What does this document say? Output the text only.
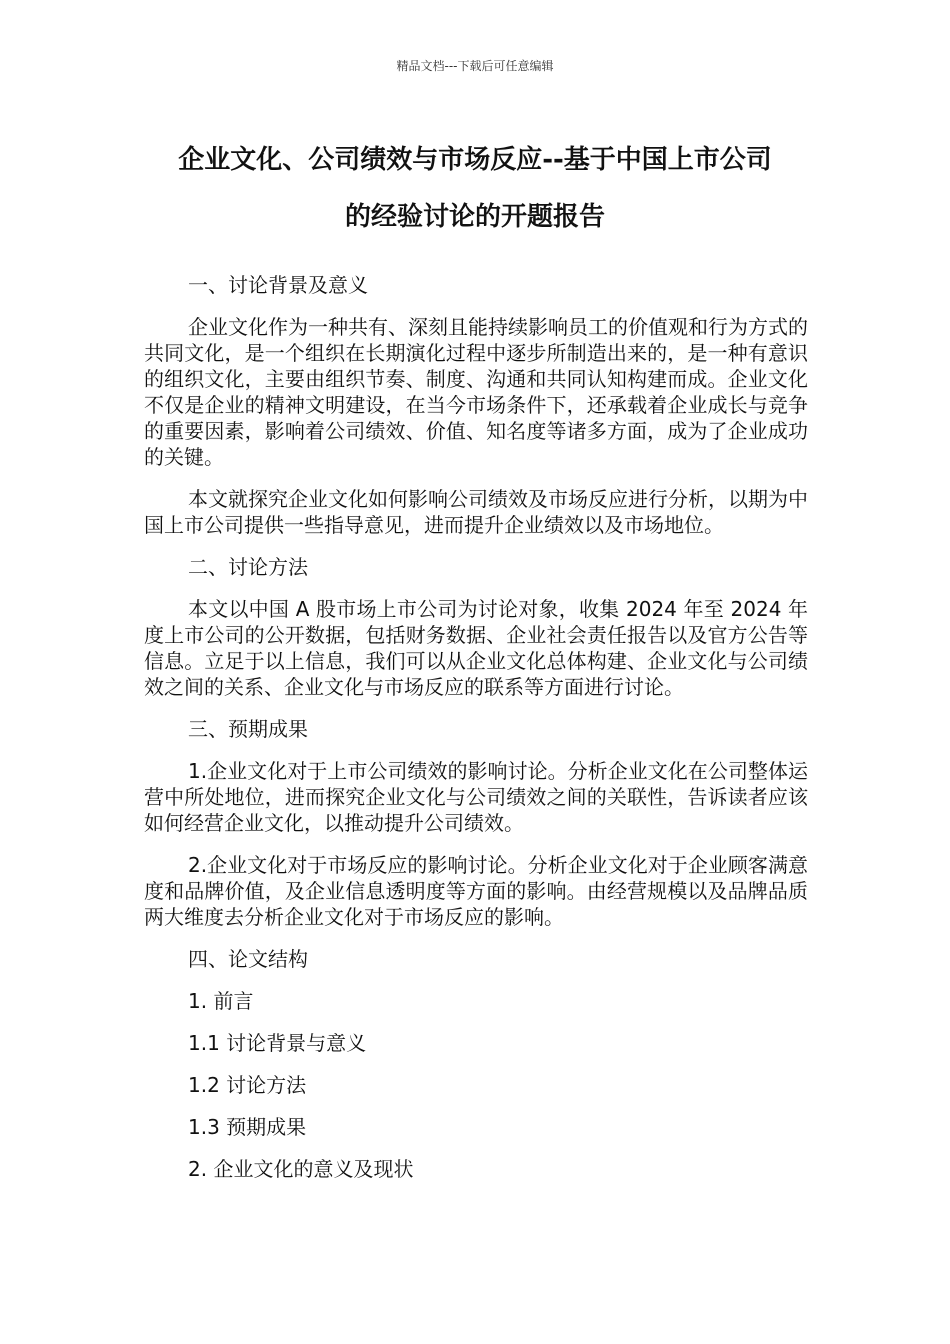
精品文档---下载后可任意编辑
企业文化、公司绩效与市场反应--基于中国上市公司
的经验讨论的开题报告

一、讨论背景及意义

企业文化作为一种共有、深刻且能持续影响员工的价值观和行为方式的共同文化，是一个组织在长期演化过程中逐步所制造出来的，是一种有意识的组织文化，主要由组织节奏、制度、沟通和共同认知构建而成。企业文化不仅是企业的精神文明建设，在当今市场条件下，还承载着企业成长与竞争的重要因素，影响着公司绩效、价值、知名度等诸多方面，成为了企业成功的关键。

本文就探究企业文化如何影响公司绩效及市场反应进行分析，以期为中国上市公司提供一些指导意见，进而提升企业绩效以及市场地位。

二、讨论方法

本文以中国 A 股市场上市公司为讨论对象，收集 2024 年至 2024 年度上市公司的公开数据，包括财务数据、企业社会责任报告以及官方公告等信息。立足于以上信息，我们可以从企业文化总体构建、企业文化与公司绩效之间的关系、企业文化与市场反应的联系等方面进行讨论。

三、预期成果

1.企业文化对于上市公司绩效的影响讨论。分析企业文化在公司整体运营中所处地位，进而探究企业文化与公司绩效之间的关联性，告诉读者应该如何经营企业文化，以推动提升公司绩效。

2.企业文化对于市场反应的影响讨论。分析企业文化对于企业顾客满意度和品牌价值，及企业信息透明度等方面的影响。由经营规模以及品牌品质两大维度去分析企业文化对于市场反应的影响。

四、论文结构

1. 前言

1.1 讨论背景与意义

1.2 讨论方法

1.3 预期成果

2. 企业文化的意义及现状
